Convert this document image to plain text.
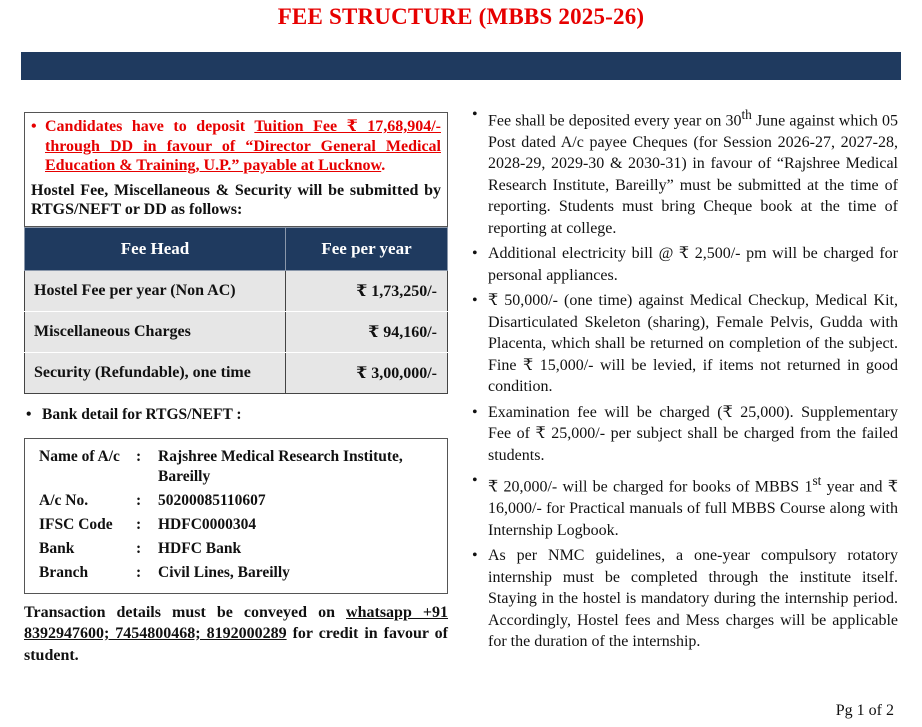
FEE STRUCTURE (MBBS 2025-26)
• Candidates have to deposit Tuition Fee ₹ 17,68,904/- through DD in favour of “Director General Medical Education & Training, U.P.” payable at Lucknow.
Hostel Fee, Miscellaneous & Security will be submitted by RTGS/NEFT or DD as follows:
Fee Head	Fee per year
Hostel Fee per year (Non AC)	₹ 1,73,250/-
Miscellaneous Charges	₹ 94,160/-
Security (Refundable), one time	₹ 3,00,000/-
• Bank detail for RTGS/NEFT :
Name of A/c	:	Rajshree Medical Research Institute, Bareilly
A/c No.	:	50200085110607
IFSC Code	:	HDFC0000304
Bank	:	HDFC Bank
Branch	:	Civil Lines, Bareilly
Transaction details must be conveyed on whatsapp +91 8392947600; 7454800468; 8192000289 for credit in favour of student.
• Fee shall be deposited every year on 30th June against which 05 Post dated A/c payee Cheques (for Session 2026-27, 2027-28, 2028-29, 2029-30 & 2030-31) in favour of “Rajshree Medical Research Institute, Bareilly” must be submitted at the time of reporting. Students must bring Cheque book at the time of reporting at college.
• Additional electricity bill @ ₹ 2,500/- pm will be charged for personal appliances.
• ₹ 50,000/- (one time) against Medical Checkup, Medical Kit, Disarticulated Skeleton (sharing), Female Pelvis, Gudda with Placenta, which shall be returned on completion of the subject. Fine ₹ 15,000/- will be levied, if items not returned in good condition.
• Examination fee will be charged (₹ 25,000). Supplementary Fee of ₹ 25,000/- per subject shall be charged from the failed students.
• ₹ 20,000/- will be charged for books of MBBS 1st year and ₹ 16,000/- for Practical manuals of full MBBS Course along with Internship Logbook.
• As per NMC guidelines, a one-year compulsory rotatory internship must be completed through the institute itself. Staying in the hostel is mandatory during the internship period. Accordingly, Hostel fees and Mess charges will be applicable for the duration of the internship.
Pg 1 of 2
